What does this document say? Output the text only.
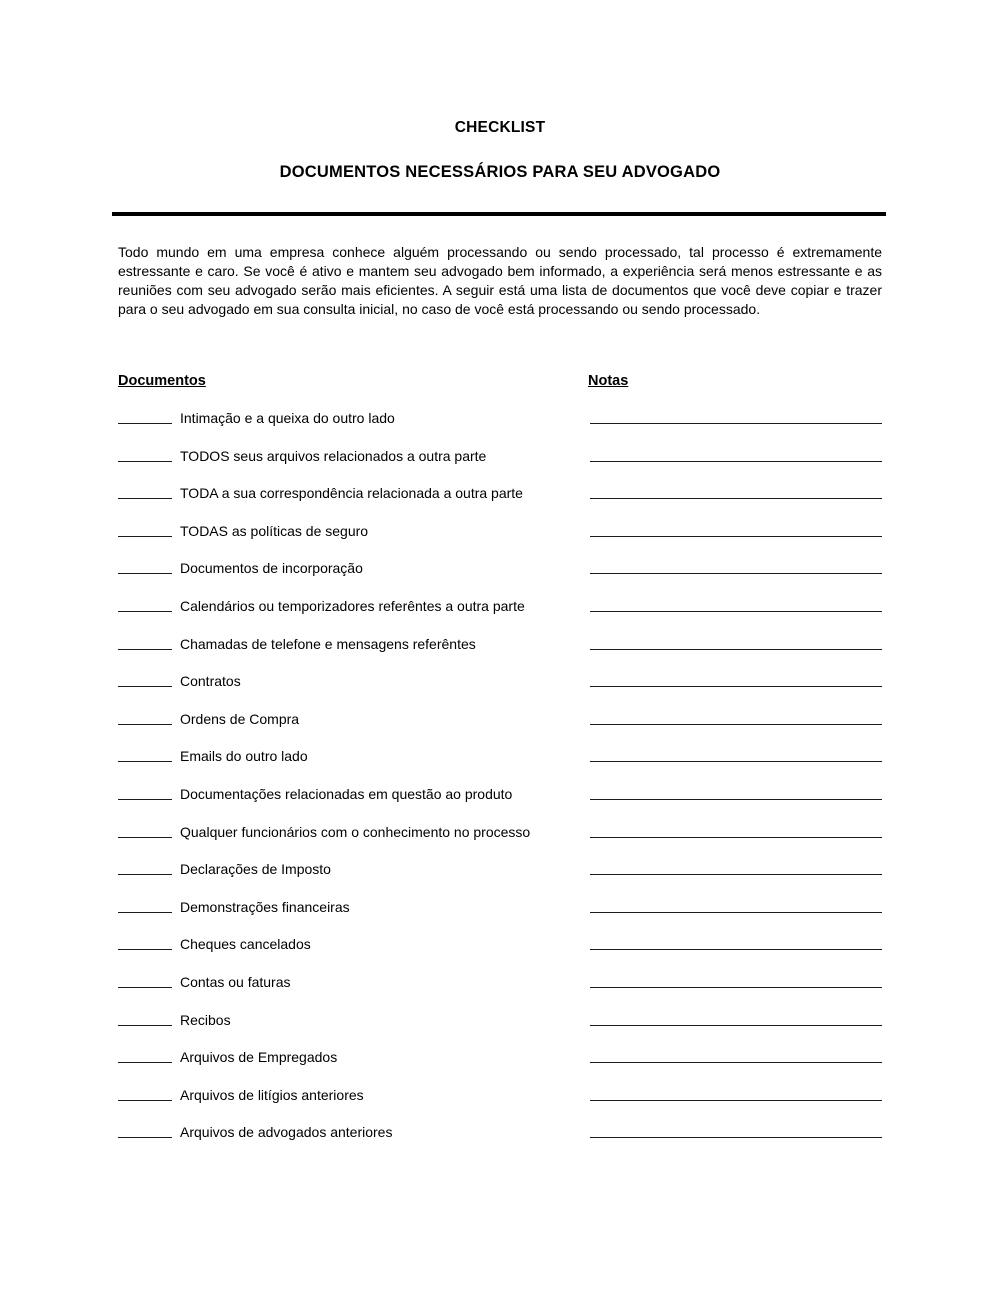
CHECKLIST
DOCUMENTOS NECESSÁRIOS PARA SEU ADVOGADO

Todo mundo em uma empresa conhece alguém processando ou sendo processado, tal processo é extremamente estressante e caro. Se você é ativo e mantem seu advogado bem informado, a experiência será menos estressante e as reuniões com seu advogado serão mais eficientes. A seguir está uma lista de documentos que você deve copiar e trazer para o seu advogado em sua consulta inicial, no caso de você está processando ou sendo processado.

Documentos	Notas
Intimação e a queixa do outro lado
TODOS seus arquivos relacionados a outra parte
TODA a sua correspondência relacionada a outra parte
TODAS as políticas de seguro
Documentos de incorporação
Calendários ou temporizadores referêntes a outra parte
Chamadas de telefone e mensagens referêntes
Contratos
Ordens de Compra
Emails do outro lado
Documentações relacionadas em questão ao produto
Qualquer funcionários com o conhecimento no processo
Declarações de Imposto
Demonstrações financeiras
Cheques cancelados
Contas ou faturas
Recibos
Arquivos de Empregados
Arquivos de litígios anteriores
Arquivos de advogados anteriores
